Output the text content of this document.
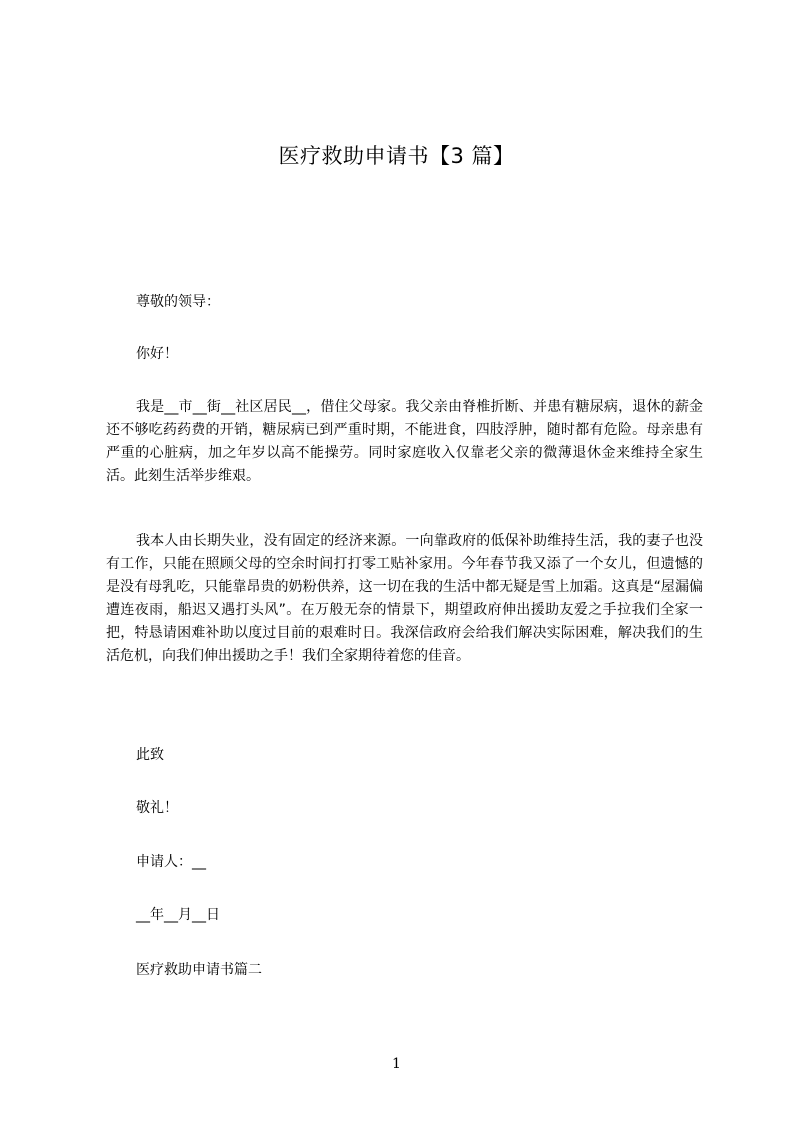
医疗救助申请书【3 篇】
尊敬的领导：
你好！
我是__市__街__社区居民__，借住父母家。我父亲由脊椎折断、并患有糖尿病，退休的薪金还不够吃药药费的开销，糖尿病已到严重时期，不能进食，四肢浮肿，随时都有危险。母亲患有严重的心脏病，加之年岁以高不能操劳。同时家庭收入仅靠老父亲的微薄退休金来维持全家生活。此刻生活举步维艰。
我本人由长期失业，没有固定的经济来源。一向靠政府的低保补助维持生活，我的妻子也没有工作，只能在照顾父母的空余时间打打零工贴补家用。今年春节我又添了一个女儿，但遗憾的是没有母乳吃，只能靠昂贵的奶粉供养，这一切在我的生活中都无疑是雪上加霜。这真是“屋漏偏遭连夜雨，船迟又遇打头风”。在万般无奈的情景下，期望政府伸出援助友爱之手拉我们全家一把，特恳请困难补助以度过目前的艰难时日。我深信政府会给我们解决实际困难，解决我们的生活危机，向我们伸出援助之手！我们全家期待着您的佳音。
此致
敬礼！
申请人：__
__年__月__日
医疗救助申请书篇二
1
